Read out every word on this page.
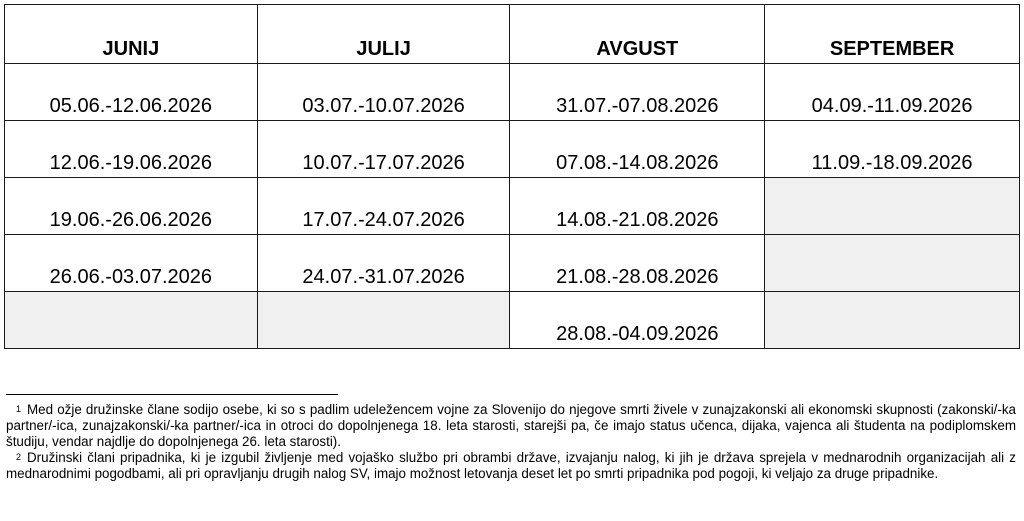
JUNIJ	JULIJ	AVGUST	SEPTEMBER
05.06.-12.06.2026	03.07.-10.07.2026	31.07.-07.08.2026	04.09.-11.09.2026
12.06.-19.06.2026	10.07.-17.07.2026	07.08.-14.08.2026	11.09.-18.09.2026
19.06.-26.06.2026	17.07.-24.07.2026	14.08.-21.08.2026	
26.06.-03.07.2026	24.07.-31.07.2026	21.08.-28.08.2026	
		28.08.-04.09.2026	

$^1$ Med ožje družinske člane sodijo osebe, ki so s padlim udeležencem vojne za Slovenijo do njegove smrti živele v zunajzakonski ali ekonomski skupnosti (zakonski/-ka partner/-ica, zunajzakonski/-ka partner/-ica in otroci do dopolnjenega 18. leta starosti, starejši pa, če imajo status učenca, dijaka, vajenca ali študenta na podiplomskem študiju, vendar najdlje do dopolnjenega 26. leta starosti).

$^2$ Družinski člani pripadnika, ki je izgubil življenje med vojaško službo pri obrambi države, izvajanju nalog, ki jih je država sprejela v mednarodnih organizacijah ali z mednarodnimi pogodbami, ali pri opravljanju drugih nalog SV, imajo možnost letovanja deset let po smrti pripadnika pod pogoji, ki veljajo za druge pripadnike.
